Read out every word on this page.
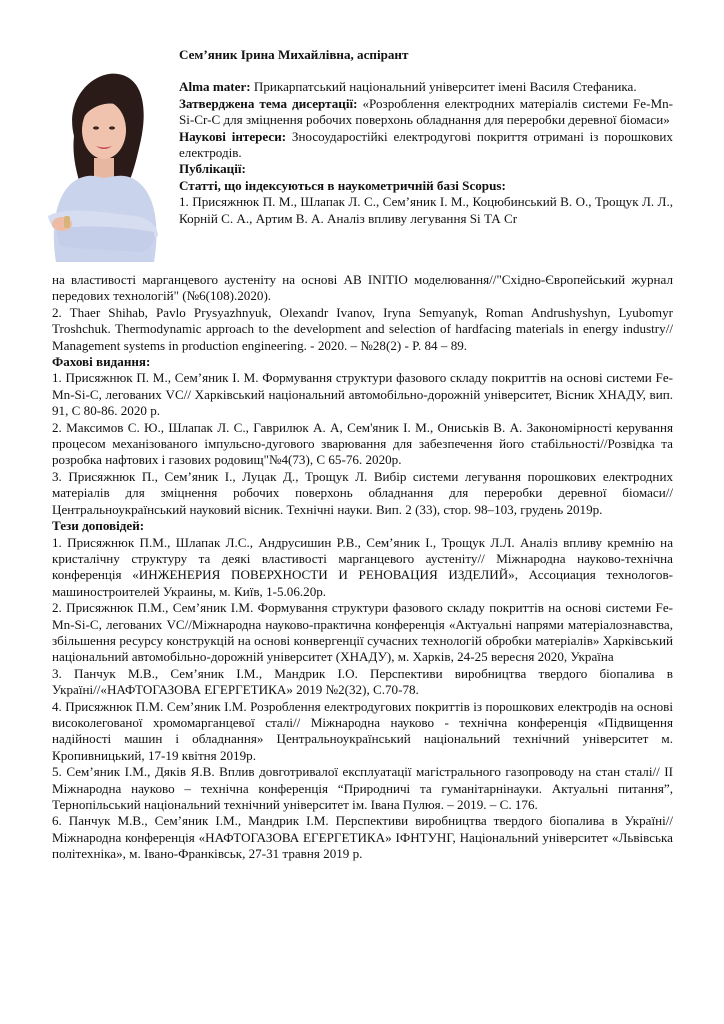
Сем’яник Ірина Михайлівна, аспірант
Alma mater: Прикарпатський національний університет імені Василя Стефаника.
Затверджена тема дисертації: «Розроблення електродних матеріалів системи Fe-Mn-Si-Cr-C для зміцнення робочих поверхонь обладнання для переробки деревної біомаси»
Наукові інтереси: Зносоудароcтійкі електродугові покриття отримані із порошкових електродів.
Публікації:
Статті, що індексуються в наукометричній базі Scopus:
1. Присяжнюк П. М., Шлапак Л. С., Сем’яник І. М., Коцюбинський В. О., Трощук Л. Л., Корній С. А., Артим В. А. Аналіз впливу легування Si ТА Cr
на властивості марганцевого аустеніту на основі AB INITIO моделювання//"Східно-Європейський журнал передових технологій" (№6(108).2020).
2. Thaer Shihab, Pavlo Prysyazhnyuk, Olexandr Ivanov, Iryna Semyanyk, Roman Andrushyshyn, Lyubomyr Troshchuk. Thermodynamic approach to the development and selection of hardfacing materials in energy industry// Management systems in production engineering. - 2020. – №28(2) - P. 84 – 89.
Фахові видання:
1. Присяжнюк П. М., Сем’яник І. М. Формування структури фазового складу покриттів на основі системи Fe-Mn-Si-C, легованих VC// Харківський національний автомобільно-дорожній університет, Вісник ХНАДУ, вип. 91, С 80-86. 2020 р.
2. Максимов С. Ю., Шлапак Л. С., Гаврилюк А. А, Сем'яник І. М., Ониськів В. А. Закономірності керування процесом механізованого імпульсно-дугового зварювання для забезпечення його стабільності//Розвідка та розробка нафтових і газових родовищ"№4(73), С 65-76. 2020р.
3. Присяжнюк П., Сем’яник І., Луцак Д., Трощук Л. Вибір системи легування порошкових електродних матеріалів для зміцнення робочих поверхонь обладнання для переробки деревної біомаси// Центральноукраїнський науковий вісник. Технічні науки. Вип. 2 (33), стор. 98–103, грудень 2019р.
Тези доповідей:
1. Присяжнюк П.М., Шлапак Л.С., Андрусишин Р.В., Сем’яник І., Трощук Л.Л. Аналіз впливу кремнію на кристалічну структуру та деякі властивості марганцевого аустеніту// Міжнародна науково-технічна конференція «ИНЖЕНЕРИЯ ПОВЕРХНОСТИ И РЕНОВАЦИЯ ИЗДЕЛИЙ», Ассоциация технологов-машиностроителей Украины, м. Київ, 1-5.06.20р.
2. Присяжнюк П.М., Сем’яник І.М. Формування структури фазового складу покриттів на основі системи Fe-Mn-Si-C, легованих VC//Міжнародна науково-практична конференція «Актуальні напрями матеріалознавства, збільшення ресурсу конструкцій на основі конвергенції сучасних технологій обробки матеріалів» Харківський національний автомобільно-дорожній університет (ХНАДУ), м. Харків, 24-25 вересня 2020, Україна
3. Панчук М.В., Сем’яник І.М., Мандрик І.О. Перспективи виробництва твердого біопалива в Україні//«НАФТОГАЗОВА ЕГЕРГЕТИКА» 2019 №2(32), С.70-78.
4. Присяжнюк П.М. Сем’яник І.М. Розроблення електродугових покриттів із порошкових електродів на основі високолегованої хромомарганцевої сталі// Міжнародна науково - технічна конференція «Підвищення надійності машин і обладнання» Центральноукраїнський національний технічний університет м. Кропивницький, 17-19 квітня 2019р.
5. Сем’яник І.М., Дяків Я.В. Вплив довготривалої експлуатації магістрального газопроводу на стан сталі// ІІ Міжнародна науково – технічна конференція “Природничі та гуманітарнінауки. Актуальні питання”, Тернопільський національний технічний університет ім. Івана Пулюя. – 2019. – С. 176.
6. Панчук М.В., Сем’яник І.М., Мандрик І.М. Перспективи виробництва твердого біопалива в Україні// Міжнародна конференція «НАФТОГАЗОВА ЕГЕРГЕТИКА» ІФНТУНГ, Національний університет «Львівська політехніка», м. Івано-Франківськ, 27-31 травня 2019 р.
